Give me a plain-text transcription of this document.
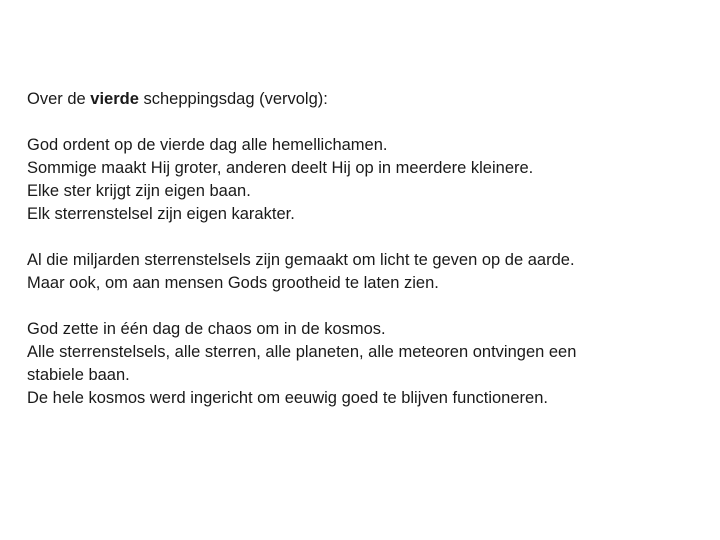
Over de vierde scheppingsdag (vervolg):
God ordent op de vierde dag alle hemellichamen.
Sommige maakt Hij groter, anderen deelt Hij op in meerdere kleinere.
Elke ster krijgt zijn eigen baan.
Elk sterrenstelsel zijn eigen karakter.
Al die miljarden sterrenstelsels zijn gemaakt om licht te geven op de aarde.
Maar ook, om aan mensen Gods grootheid te laten zien.
God zette in één dag de chaos om in de kosmos.
Alle sterrenstelsels, alle sterren, alle planeten, alle meteoren ontvingen een
stabiele baan.
De hele kosmos werd ingericht om eeuwig goed te blijven functioneren.
